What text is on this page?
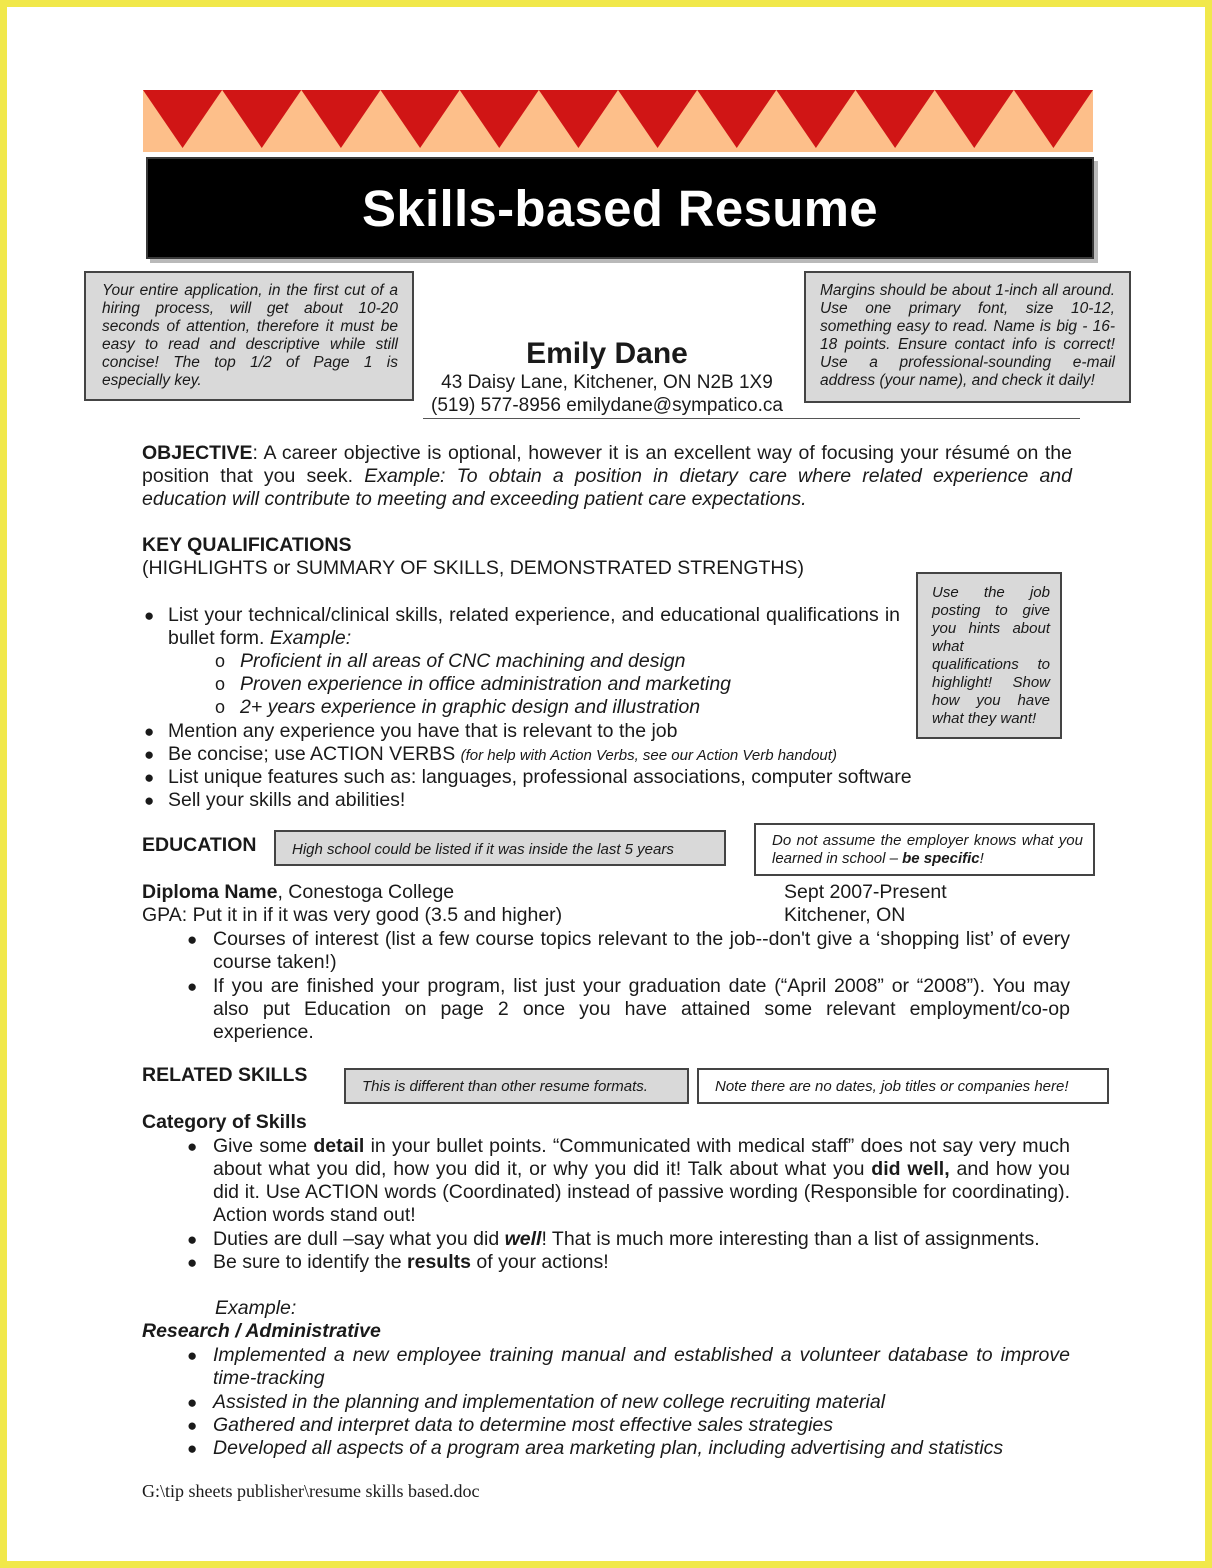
Skills-based Resume

Your entire application, in the first cut of a hiring process, will get about 10-20 seconds of attention, therefore it must be easy to read and descriptive while still concise! The top 1/2 of Page 1 is especially key.

Margins should be about 1-inch all around. Use one primary font, size 10-12, something easy to read. Name is big - 16-18 points. Ensure contact info is correct! Use a professional-sounding e-mail address (your name), and check it daily!

Emily Dane
43 Daisy Lane, Kitchener, ON N2B 1X9
(519) 577-8956 emilydane@sympatico.ca
OBJECTIVE: A career objective is optional, however it is an excellent way of focusing your résumé on the position that you seek. Example: To obtain a position in dietary care where related experience and education will contribute to meeting and exceeding patient care expectations.
KEY QUALIFICATIONS
(HIGHLIGHTS or SUMMARY OF SKILLS, DEMONSTRATED STRENGTHS)

Use the job posting to give you hints about what qualifications to highlight! Show how you have what they want!

● List your technical/clinical skills, related experience, and educational qualifications in bullet form. Example:
o Proficient in all areas of CNC machining and design
o Proven experience in office administration and marketing
o 2+ years experience in graphic design and illustration
● Mention any experience you have that is relevant to the job
● Be concise; use ACTION VERBS (for help with Action Verbs, see our Action Verb handout)
● List unique features such as: languages, professional associations, computer software
● Sell your skills and abilities!
EDUCATION High school could be listed if it was inside the last 5 years

Do not assume the employer knows what you learned in school – be specific!

Diploma Name, Conestoga College
GPA: Put it in if it was very good (3.5 and higher)
Sept 2007-Present
Kitchener, ON
● Courses of interest (list a few course topics relevant to the job--don't give a ‘shopping list’ of every course taken!)
● If you are finished your program, list just your graduation date (“April 2008” or “2008”). You may also put Education on page 2 once you have attained some relevant employment/co-op experience.
RELATED SKILLS

This is different than other resume formats.	Note there are no dates, job titles or companies here!

Category of Skills
● Give some detail in your bullet points. “Communicated with medical staff” does not say very much about what you did, how you did it, or why you did it! Talk about what you did well, and how you did it. Use ACTION words (Coordinated) instead of passive wording (Responsible for coordinating). Action words stand out!
● Duties are dull –say what you did well! That is much more interesting than a list of assignments.
● Be sure to identify the results of your actions!
Example:
Research / Administrative
● Implemented a new employee training manual and established a volunteer database to improve time-tracking
● Assisted in the planning and implementation of new college recruiting material
● Gathered and interpret data to determine most effective sales strategies
● Developed all aspects of a program area marketing plan, including advertising and statistics
G:\tip sheets publisher\resume skills based.doc
